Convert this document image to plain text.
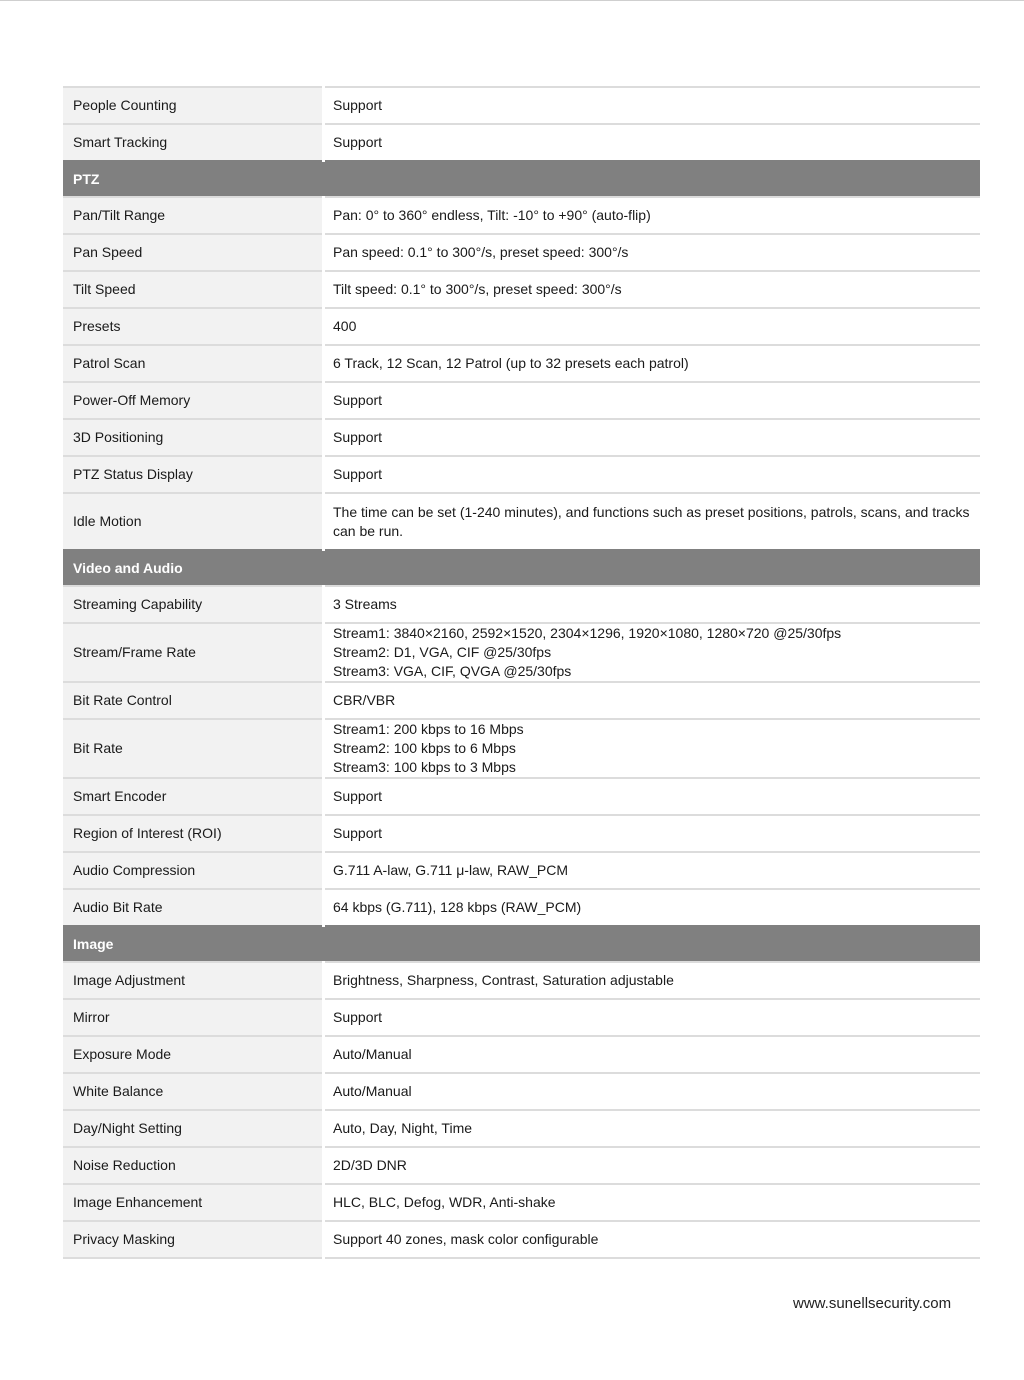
People Counting	Support

Smart Tracking	Support

PTZ	
Pan/Tilt Range	Pan: 0° to 360° endless, Tilt: -10° to +90° (auto-flip)

Pan Speed	Pan speed: 0.1° to 300°/s, preset speed: 300°/s

Tilt Speed	Tilt speed: 0.1° to 300°/s, preset speed: 300°/s

Presets	400

Patrol Scan	6 Track, 12 Scan, 12 Patrol (up to 32 presets each patrol)

Power-Off Memory	Support

3D Positioning	Support

PTZ Status Display	Support

Idle Motion	The time can be set (1-240 minutes), and functions such as preset positions, patrols, scans, and tracks
can be run.

Video and Audio	
Streaming Capability	3 Streams

Stream/Frame Rate	Stream1: 3840×2160, 2592×1520, 2304×1296, 1920×1080, 1280×720 @25/30fps
Stream2: D1, VGA, CIF @25/30fps
Stream3: VGA, CIF, QVGA @25/30fps

Bit Rate Control	CBR/VBR

Bit Rate	Stream1: 200 kbps to 16 Mbps
Stream2: 100 kbps to 6 Mbps
Stream3: 100 kbps to 3 Mbps

Smart Encoder	Support

Region of Interest (ROI)	Support

Audio Compression	G.711 A-law, G.711 μ-law, RAW_PCM

Audio Bit Rate	64 kbps (G.711), 128 kbps (RAW_PCM)

Image	
Image Adjustment	Brightness, Sharpness, Contrast, Saturation adjustable

Mirror	Support

Exposure Mode	Auto/Manual

White Balance	Auto/Manual

Day/Night Setting	Auto, Day, Night, Time

Noise Reduction	2D/3D DNR

Image Enhancement	HLC, BLC, Defog, WDR, Anti-shake

Privacy Masking	Support 40 zones, mask color configurable
www.sunellsecurity.com
